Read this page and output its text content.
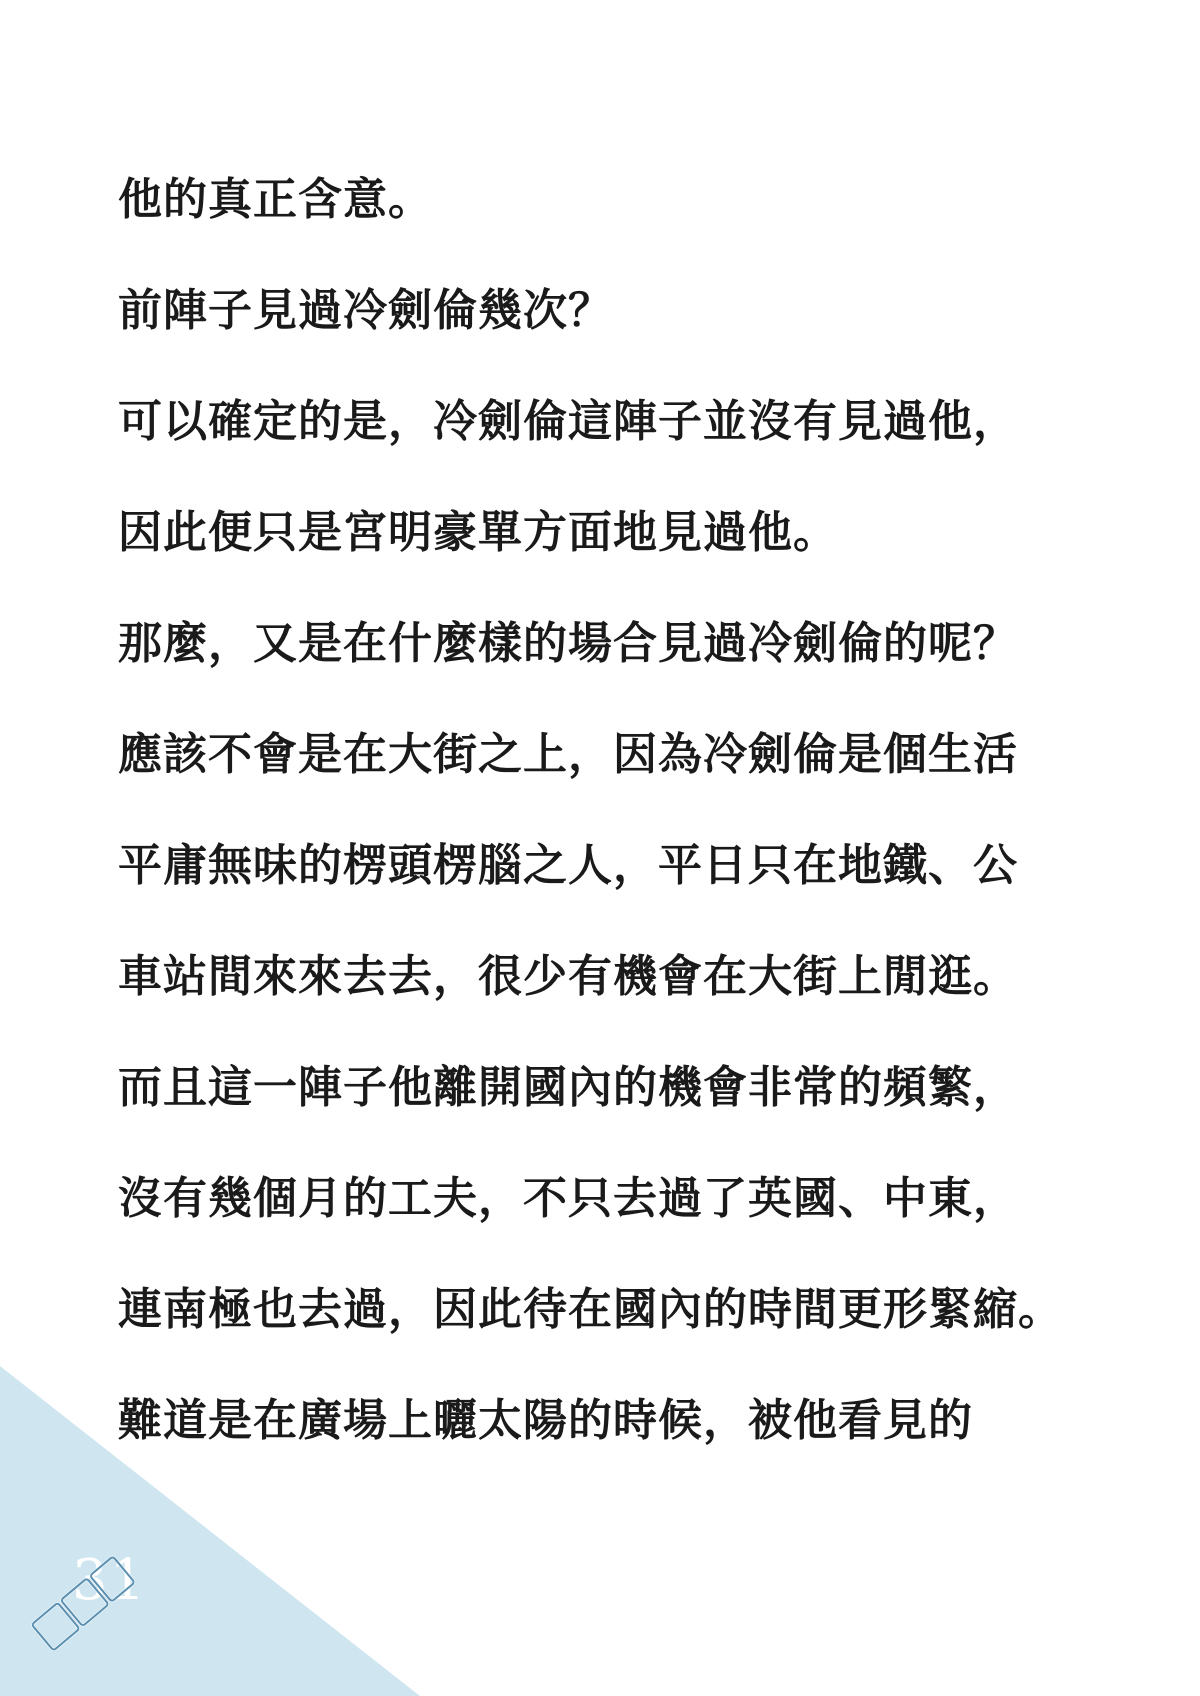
他的真正含意。
前陣子見過冷劍倫幾次？
可以確定的是，冷劍倫這陣子並沒有見過他，
因此便只是宮明豪單方面地見過他。
那麼，又是在什麼樣的場合見過冷劍倫的呢？
應該不會是在大街之上，因為冷劍倫是個生活
平庸無味的楞頭楞腦之人，平日只在地鐵、公
車站間來來去去，很少有機會在大街上閒逛。
而且這一陣子他離開國內的機會非常的頻繁，
沒有幾個月的工夫，不只去過了英國、中東，
連南極也去過，因此待在國內的時間更形緊縮。
難道是在廣場上曬太陽的時候，被他看見的
31
